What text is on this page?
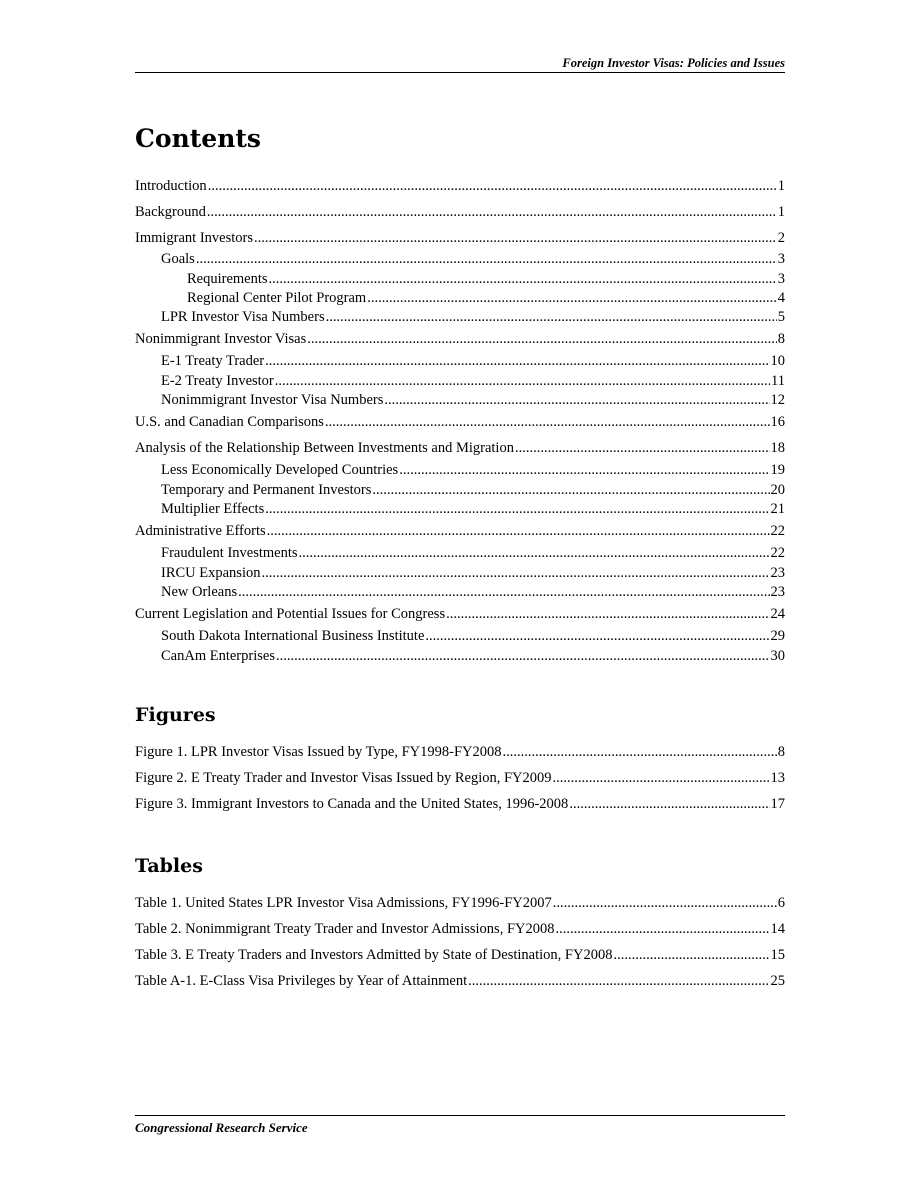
Foreign Investor Visas: Policies and Issues
Contents
Introduction .....	1
Background .....	1
Immigrant Investors .....	2
Goals .....	3
Requirements .....	3
Regional Center Pilot Program .....	4
LPR Investor Visa Numbers .....	5
Nonimmigrant Investor Visas .....	8
E-1 Treaty Trader .....	10
E-2 Treaty Investor .....	11
Nonimmigrant Investor Visa Numbers .....	12
U.S. and Canadian Comparisons .....	16
Analysis of the Relationship Between Investments and Migration .....	18
Less Economically Developed Countries .....	19
Temporary and Permanent Investors .....	20
Multiplier Effects .....	21
Administrative Efforts .....	22
Fraudulent Investments .....	22
IRCU Expansion .....	23
New Orleans .....	23
Current Legislation and Potential Issues for Congress .....	24
South Dakota International Business Institute .....	29
CanAm Enterprises .....	30
Figures
Figure 1. LPR Investor Visas Issued by Type, FY1998-FY2008 .....	8
Figure 2. E Treaty Trader and Investor Visas Issued by Region, FY2009 .....	13
Figure 3. Immigrant Investors to Canada and the United States, 1996-2008 .....	17
Tables
Table 1. United States LPR Investor Visa Admissions, FY1996-FY2007 .....	6
Table 2. Nonimmigrant Treaty Trader and Investor Admissions, FY2008 .....	14
Table 3. E Treaty Traders and Investors Admitted by State of Destination, FY2008 .....	15
Table A-1. E-Class Visa Privileges by Year of Attainment .....	25
Congressional Research Service
